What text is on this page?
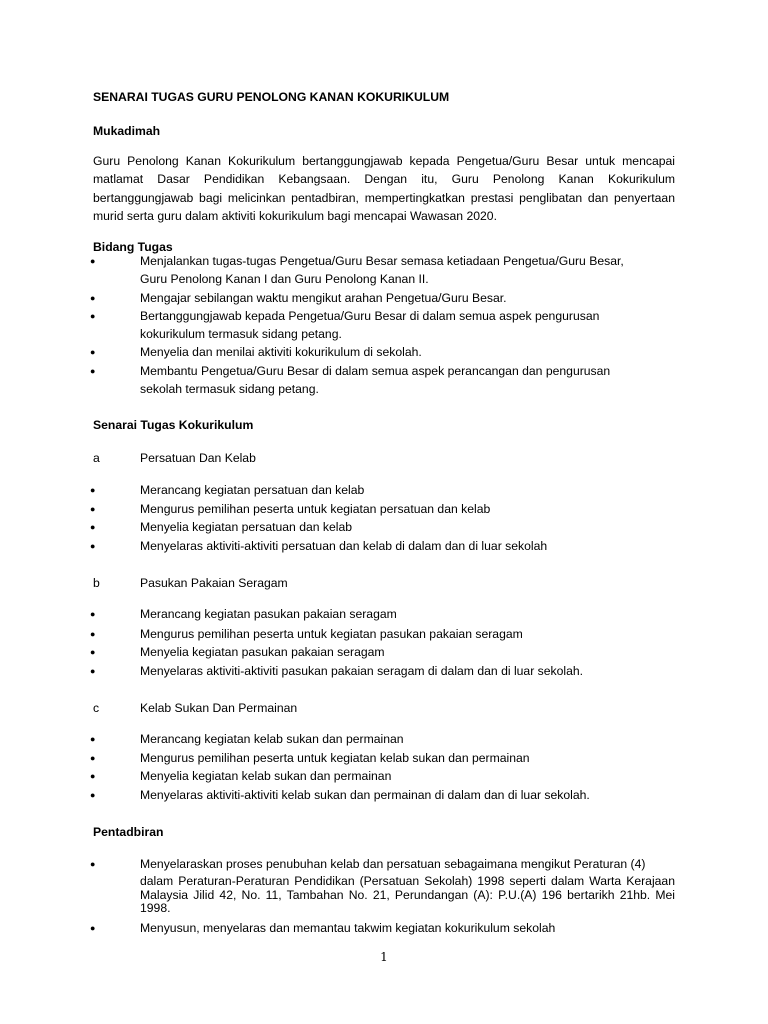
SENARAI TUGAS GURU PENOLONG KANAN KOKURIKULUM
Mukadimah
Guru Penolong Kanan Kokurikulum bertanggungjawab kepada Pengetua/Guru Besar untuk mencapai matlamat Dasar Pendidikan Kebangsaan. Dengan itu, Guru Penolong Kanan Kokurikulum bertanggungjawab bagi melicinkan pentadbiran, mempertingkatkan prestasi penglibatan dan penyertaan murid serta guru dalam aktiviti kokurikulum bagi mencapai Wawasan 2020.
Bidang Tugas
●	Menjalankan tugas-tugas Pengetua/Guru Besar semasa ketiadaan Pengetua/Guru Besar,
Guru Penolong Kanan I dan Guru Penolong Kanan II.
●	Mengajar sebilangan waktu mengikut arahan Pengetua/Guru Besar.
●	Bertanggungjawab kepada Pengetua/Guru Besar di dalam semua aspek pengurusan
kokurikulum termasuk sidang petang.
●	Menyelia dan menilai aktiviti kokurikulum di sekolah.
●	Membantu Pengetua/Guru Besar di dalam semua aspek perancangan dan pengurusan
sekolah termasuk sidang petang.
Senarai Tugas Kokurikulum
a	Persatuan Dan Kelab
●	Merancang kegiatan persatuan dan kelab
●	Mengurus pemilihan peserta untuk kegiatan persatuan dan kelab
●	Menyelia kegiatan persatuan dan kelab
●	Menyelaras aktiviti-aktiviti persatuan dan kelab di dalam dan di luar sekolah
b	Pasukan Pakaian Seragam
●	Merancang kegiatan pasukan pakaian seragam
●	Mengurus pemilihan peserta untuk kegiatan pasukan pakaian seragam
●	Menyelia kegiatan pasukan pakaian seragam
●	Menyelaras aktiviti-aktiviti pasukan pakaian seragam di dalam dan di luar sekolah.
c	Kelab Sukan Dan Permainan
●	Merancang kegiatan kelab sukan dan permainan
●	Mengurus pemilihan peserta untuk kegiatan kelab sukan dan permainan
●	Menyelia kegiatan kelab sukan dan permainan
●	Menyelaras aktiviti-aktiviti kelab sukan dan permainan di dalam dan di luar sekolah.
Pentadbiran
●	Menyelaraskan proses penubuhan kelab dan persatuan sebagaimana mengikut Peraturan (4)
dalam Peraturan-Peraturan Pendidikan (Persatuan Sekolah) 1998 seperti dalam Warta Kerajaan Malaysia Jilid 42, No. 11, Tambahan No. 21, Perundangan (A): P.U.(A) 196 bertarikh 21hb. Mei 1998.
●	Menyusun, menyelaras dan memantau takwim kegiatan kokurikulum sekolah
1
